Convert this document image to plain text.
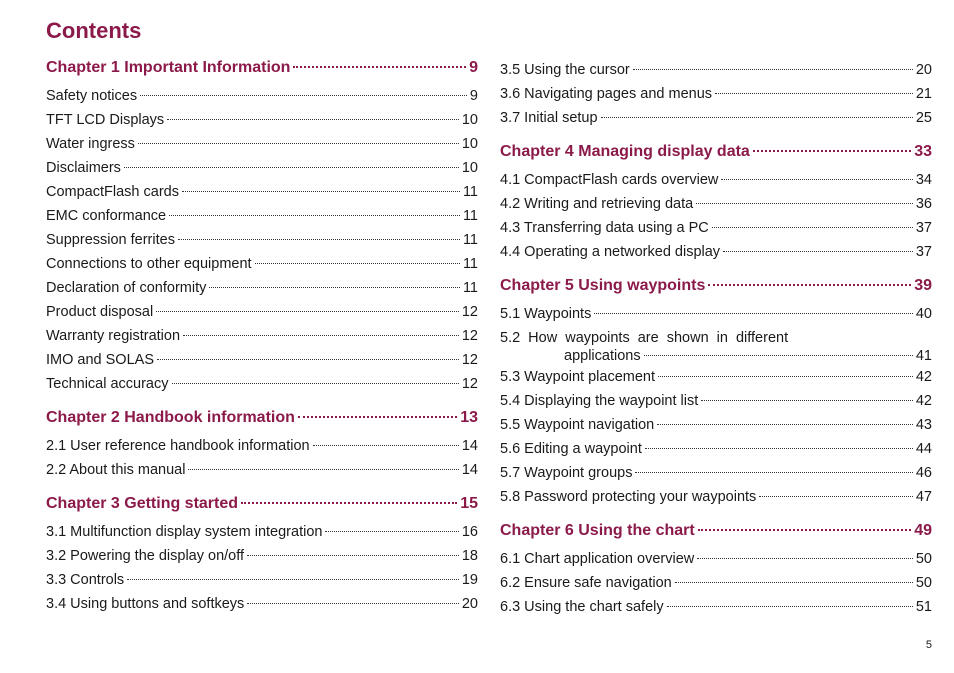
Contents
Chapter 1 Important Information	9
Safety notices	9
TFT LCD Displays	10
Water ingress	10
Disclaimers	10
CompactFlash cards	11
EMC conformance	11
Suppression ferrites	11
Connections to other equipment	11
Declaration of conformity	11
Product disposal	12
Warranty registration	12
IMO and SOLAS	12
Technical accuracy	12
Chapter 2 Handbook information	13
2.1 User reference handbook information	14
2.2 About this manual	14
Chapter 3 Getting started	15
3.1 Multifunction display system integration	16
3.2 Powering the display on/off	18
3.3 Controls	19
3.4 Using buttons and softkeys	20
3.5 Using the cursor	20
3.6 Navigating pages and menus	21
3.7 Initial setup	25
Chapter 4 Managing display data	33
4.1 CompactFlash cards overview	34
4.2 Writing and retrieving data	36
4.3 Transferring data using a PC	37
4.4 Operating a networked display	37
Chapter 5 Using waypoints	39
5.1 Waypoints	40
5.2 How waypoints are shown in different
applications	41
5.3 Waypoint placement	42
5.4 Displaying the waypoint list	42
5.5 Waypoint navigation	43
5.6 Editing a waypoint	44
5.7 Waypoint groups	46
5.8 Password protecting your waypoints	47
Chapter 6 Using the chart	49
6.1 Chart application overview	50
6.2 Ensure safe navigation	50
6.3 Using the chart safely	51
5
